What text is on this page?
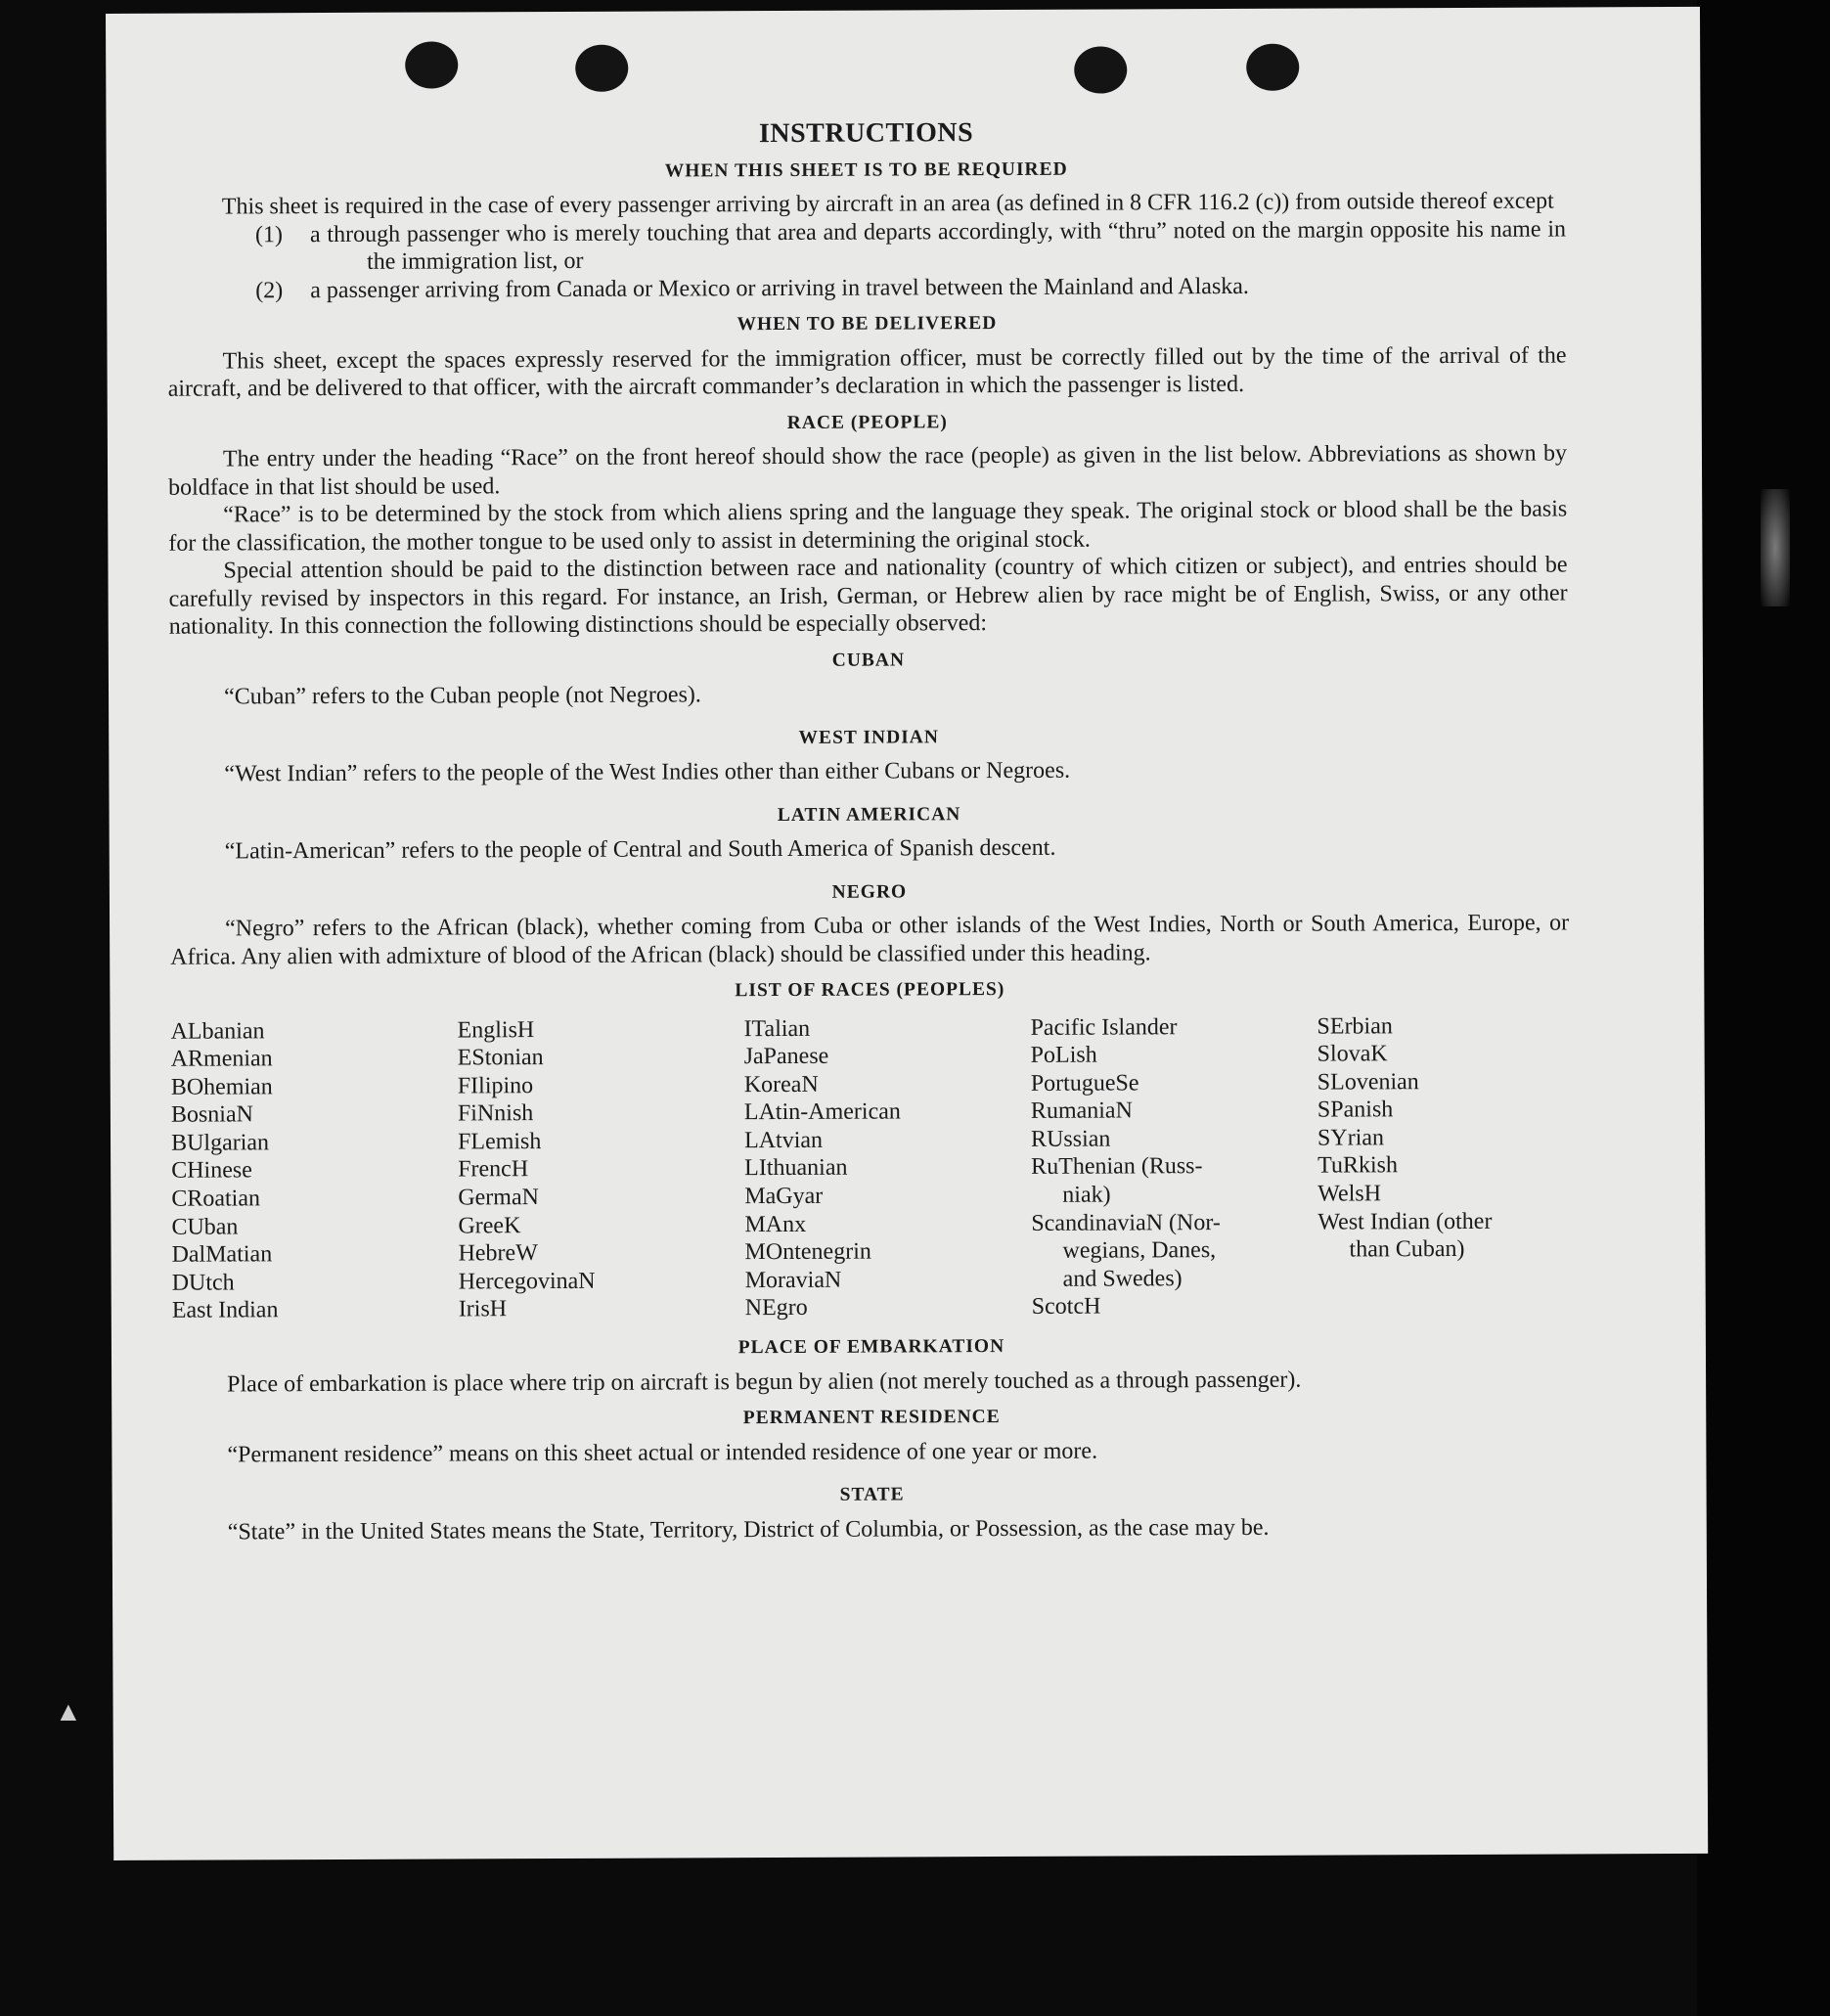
▲
INSTRUCTIONS
WHEN THIS SHEET IS TO BE REQUIRED

This sheet is required in the case of every passenger arriving by aircraft in an area (as defined in 8 CFR 116.2 (c)) from outside thereof except

(1) a through passenger who is merely touching that area and departs accordingly, with “thru” noted on the margin opposite his name in the immigration list, or

(2) a passenger arriving from Canada or Mexico or arriving in travel between the Mainland and Alaska.

WHEN TO BE DELIVERED

This sheet, except the spaces expressly reserved for the immigration officer, must be correctly filled out by the time of the arrival of the aircraft, and be delivered to that officer, with the aircraft commander’s declaration in which the passenger is listed.

RACE (PEOPLE)

The entry under the heading “Race” on the front hereof should show the race (people) as given in the list below. Abbreviations as shown by boldface in that list should be used.

“Race” is to be determined by the stock from which aliens spring and the language they speak. The original stock or blood shall be the basis for the classification, the mother tongue to be used only to assist in determining the original stock.

Special attention should be paid to the distinction between race and nationality (country of which citizen or subject), and entries should be carefully revised by inspectors in this regard. For instance, an Irish, German, or Hebrew alien by race might be of English, Swiss, or any other nationality. In this connection the following distinctions should be especially observed:

CUBAN

“Cuban” refers to the Cuban people (not Negroes).

WEST INDIAN

“West Indian” refers to the people of the West Indies other than either Cubans or Negroes.

LATIN AMERICAN

“Latin-American” refers to the people of Central and South America of Spanish descent.

NEGRO

“Negro” refers to the African (black), whether coming from Cuba or other islands of the West Indies, North or South America, Europe, or Africa. Any alien with admixture of blood of the African (black) should be classified under this heading.

LIST OF RACES (PEOPLES)
ALbanian
ARmenian
BOhemian
BosniaN
BUlgarian
CHinese
CRoatian
CUban
DalMatian
DUtch
East Indian
EnglisH
EStonian
FIlipino
FiNnish
FLemish
FrencH
GermaN
GreeK
HebreW
HercegovinaN
IrisH
ITalian
JaPanese
KoreaN
LAtin-American
LAtvian
LIthuanian
MaGyar
MAnx
MOntenegrin
MoraviaN
NEgro
Pacific Islander
PoLish
PortugueSe
RumaniaN
RUssian
RuThenian (Russ-
niak)
ScandinaviaN (Nor-
wegians, Danes,
and Swedes)
ScotcH
SErbian
SlovaK
SLovenian
SPanish
SYrian
TuRkish
WelsH
West Indian (other
than Cuban)
PLACE OF EMBARKATION

Place of embarkation is place where trip on aircraft is begun by alien (not merely touched as a through passenger).

PERMANENT RESIDENCE

“Permanent residence” means on this sheet actual or intended residence of one year or more.

STATE

“State” in the United States means the State, Territory, District of Columbia, or Possession, as the case may be.
